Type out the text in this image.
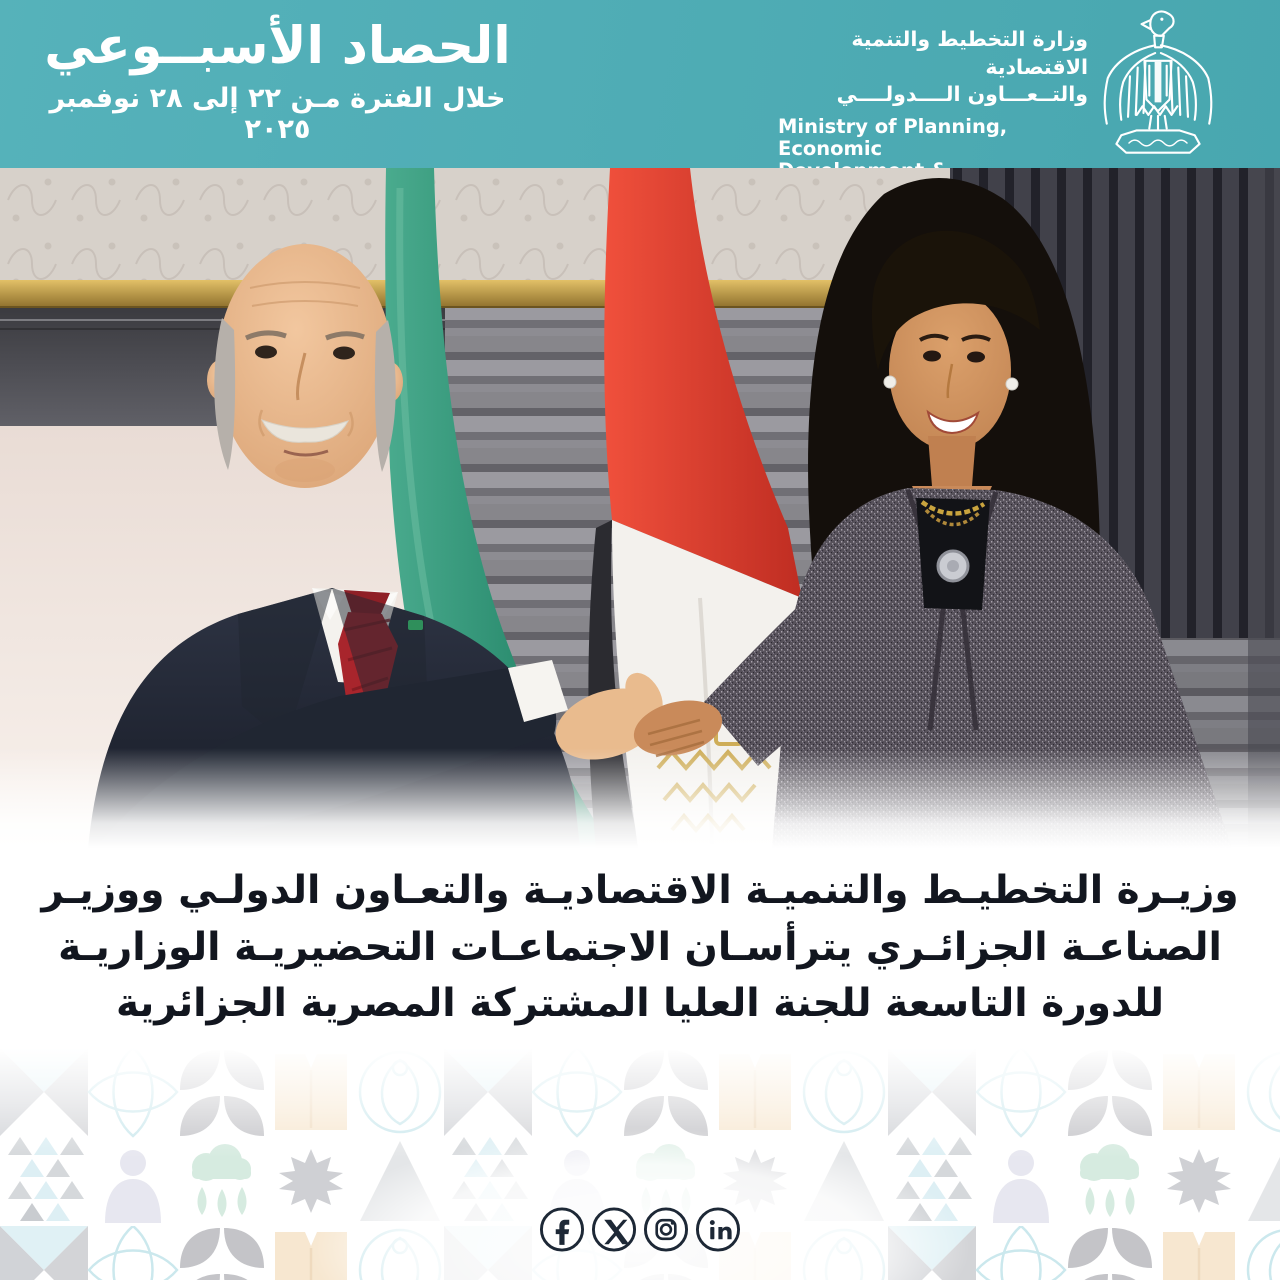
الحصاد الأسبــوعي
خلال الفترة مـن ٢٢ إلى ٢٨ نوفمبر ٢٠٢٥
وزارة التخطيط والتنمية الاقتصادية
والتــعـــاون الــــدولــــي
Ministry of Planning, Economic
وزيـرة التخطيـط والتنميـة الاقتصاديـة والتعـاون الدولـي ووزيـر
الصناعـة الجزائـري يترأسـان الاجتماعـات التحضيريـة الوزاريـة
للدورة التاسعة للجنة العليا المشتركة المصرية الجزائرية
